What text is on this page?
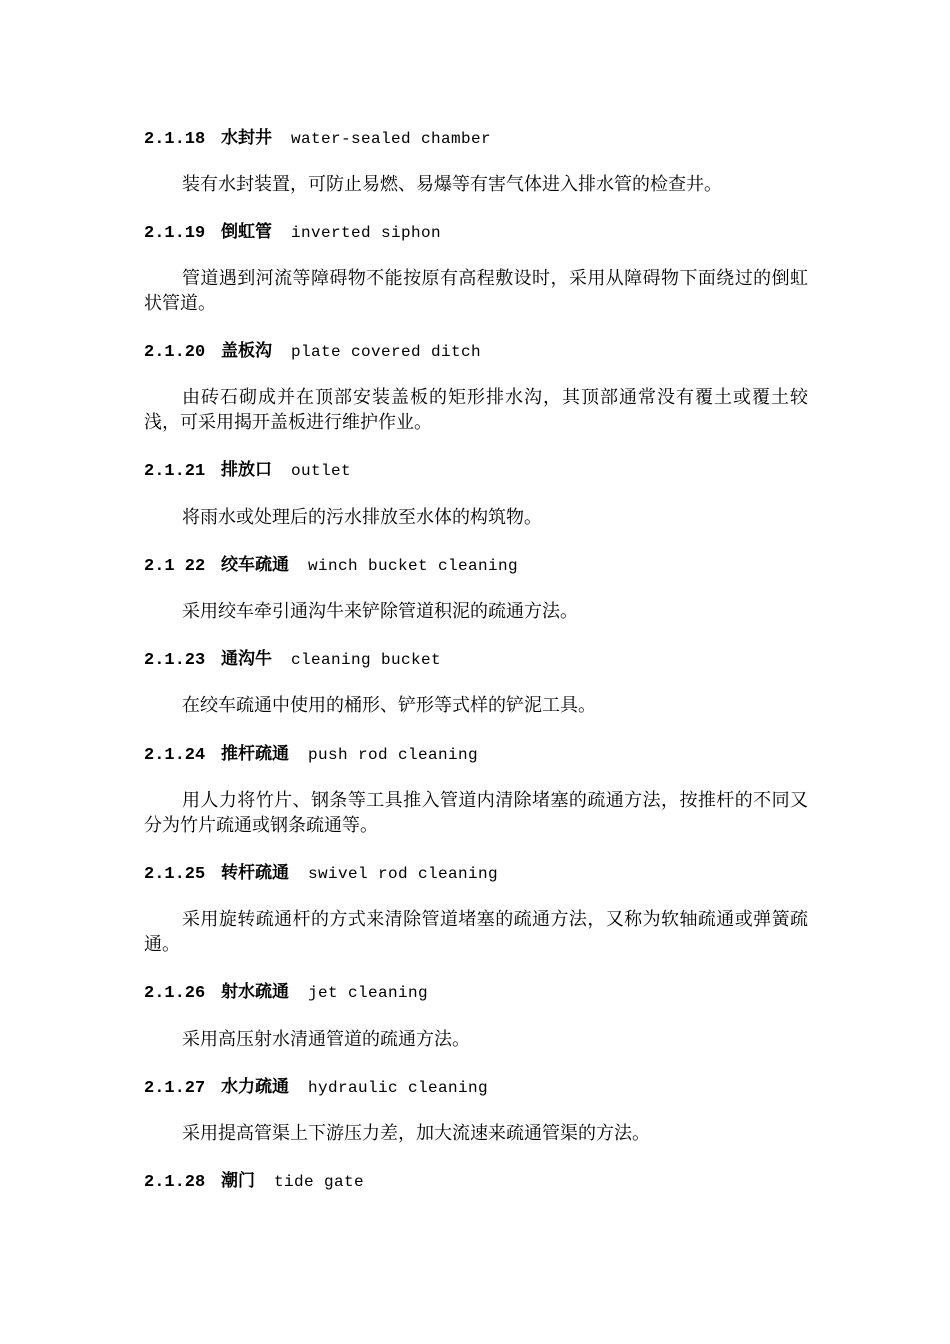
2.1.18 水封井 water-sealed chamber

装有水封装置，可防止易燃、易爆等有害气体进入排水管的检查井。

2.1.19 倒虹管 inverted siphon

管道遇到河流等障碍物不能按原有高程敷设时，采用从障碍物下面绕过的倒虹状管道。

2.1.20 盖板沟 plate covered ditch

由砖石砌成并在顶部安装盖板的矩形排水沟，其顶部通常没有覆土或覆土较浅，可采用揭开盖板进行维护作业。

2.1.21 排放口 outlet

将雨水或处理后的污水排放至水体的构筑物。

2.1 22 绞车疏通 winch bucket cleaning

采用绞车牵引通沟牛来铲除管道积泥的疏通方法。

2.1.23 通沟牛 cleaning bucket

在绞车疏通中使用的桶形、铲形等式样的铲泥工具。

2.1.24 推杆疏通 push rod cleaning

用人力将竹片、钢条等工具推入管道内清除堵塞的疏通方法，按推杆的不同又分为竹片疏通或钢条疏通等。

2.1.25 转杆疏通 swivel rod cleaning

采用旋转疏通杆的方式来清除管道堵塞的疏通方法，又称为软轴疏通或弹簧疏通。

2.1.26 射水疏通 jet cleaning

采用高压射水清通管道的疏通方法。

2.1.27 水力疏通 hydraulic cleaning

采用提高管渠上下游压力差，加大流速来疏通管渠的方法。

2.1.28 潮门 tide gate
